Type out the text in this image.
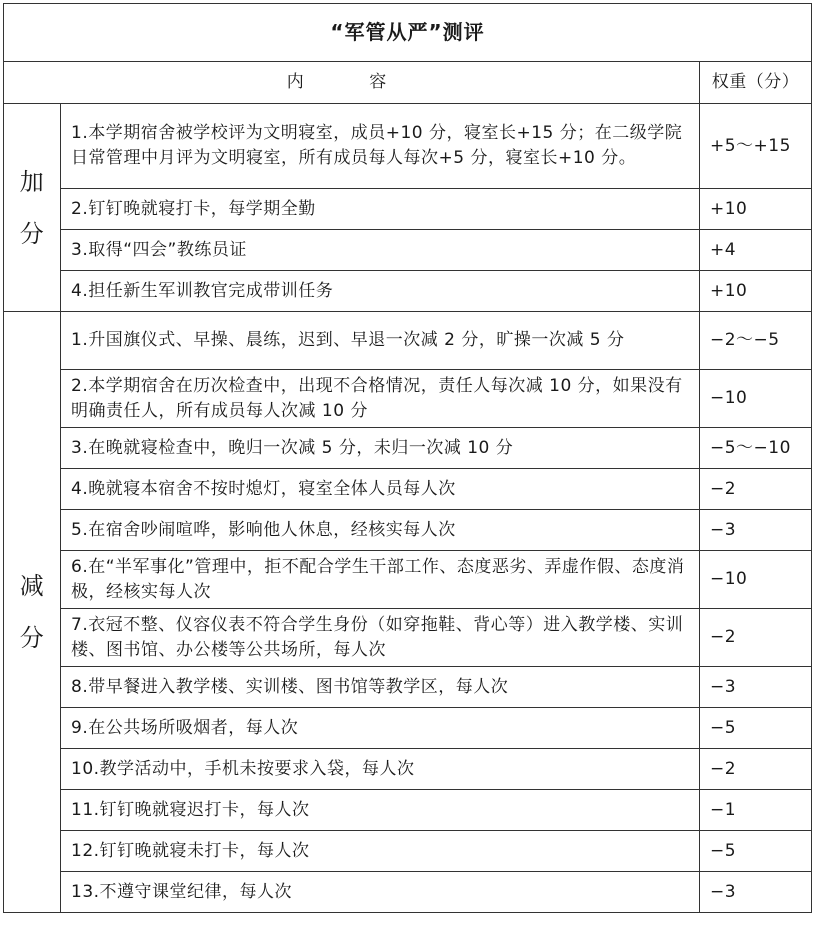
“军管从严”测评		
内 容		权重（分）

加
分	1.本学期宿舍被学校评为文明寝室，成员+10 分，寝室长+15 分；在二级学院日常管理中月评为文明寝室，所有成员每人每次+5 分，寝室长+10 分。	+5～+15
	2.钉钉晚就寝打卡，每学期全勤	+10
	3.取得“四会”教练员证	+4
	4.担任新生军训教官完成带训任务	+10

减
分	1.升国旗仪式、早操、晨练，迟到、早退一次减 2 分，旷操一次减 5 分	−2～−5
	2.本学期宿舍在历次检查中，出现不合格情况，责任人每次减 10 分，如果没有明确责任人，所有成员每人次减 10 分	−10
	3.在晚就寝检查中，晚归一次减 5 分，未归一次减 10 分	−5～−10
	4.晚就寝本宿舍不按时熄灯，寝室全体人员每人次	−2
	5.在宿舍吵闹喧哗，影响他人休息，经核实每人次	−3
	6.在“半军事化”管理中，拒不配合学生干部工作、态度恶劣、弄虚作假、态度消极，经核实每人次	−10
	7.衣冠不整、仪容仪表不符合学生身份（如穿拖鞋、背心等）进入教学楼、实训楼、图书馆、办公楼等公共场所，每人次	−2
	8.带早餐进入教学楼、实训楼、图书馆等教学区，每人次	−3
	9.在公共场所吸烟者，每人次	−5
	10.教学活动中，手机未按要求入袋，每人次	−2
	11.钉钉晚就寝迟打卡，每人次	−1
	12.钉钉晚就寝未打卡，每人次	−5
	13.不遵守课堂纪律，每人次	−3
